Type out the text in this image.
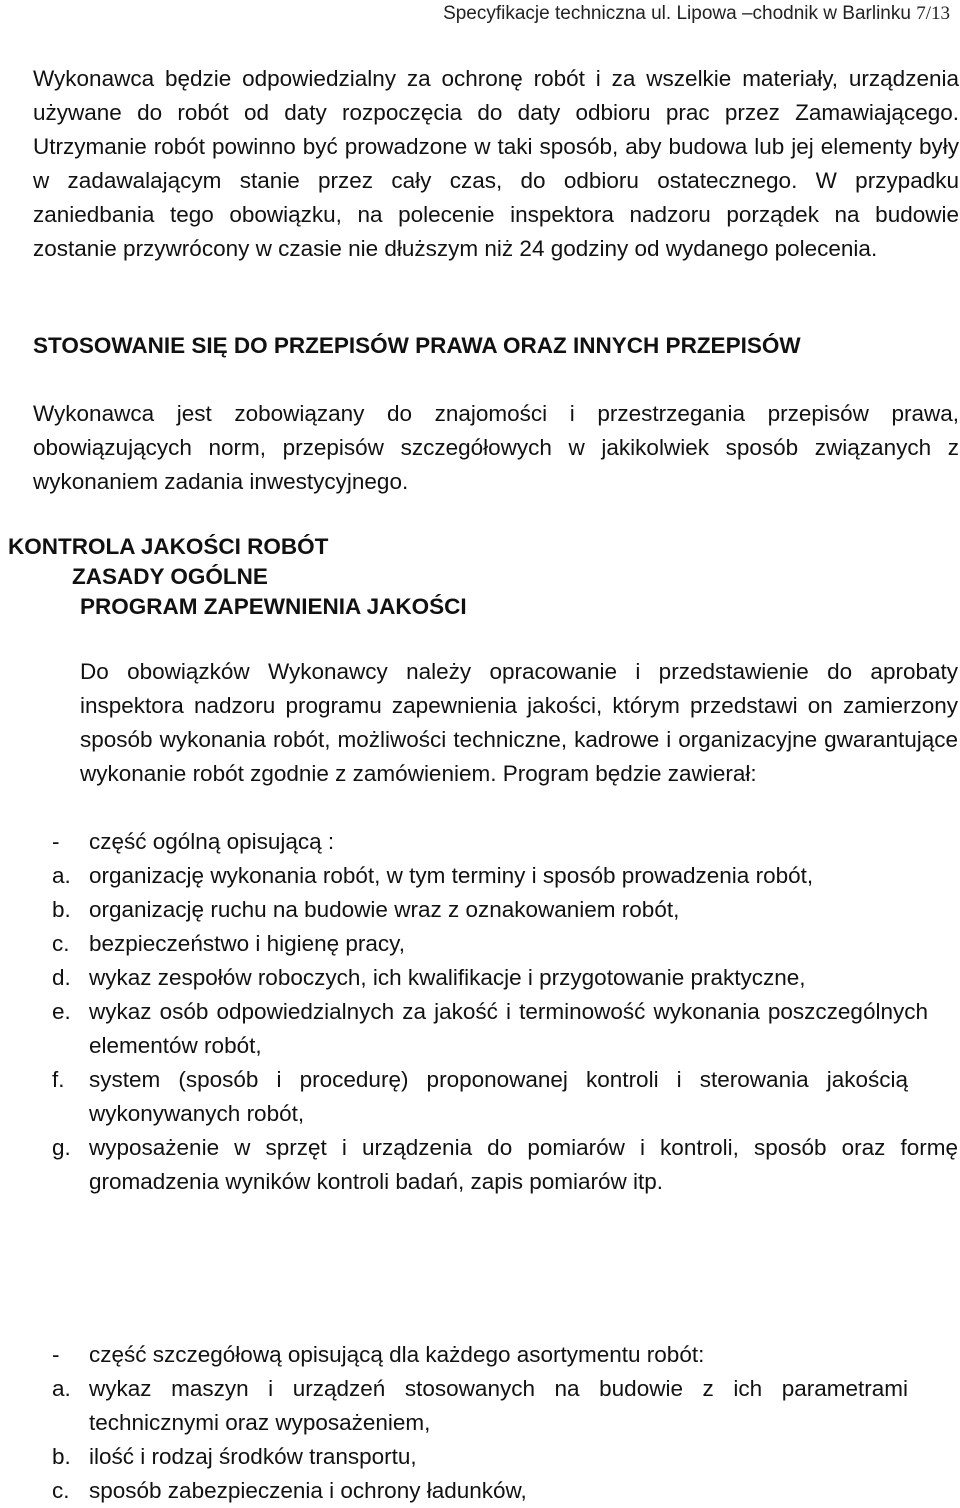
Specyfikacje techniczna ul. Lipowa –chodnik w Barlinku 7/13
Wykonawca będzie odpowiedzialny za ochronę robót i za wszelkie materiały, urządzenia używane do robót od daty rozpoczęcia do daty odbioru prac przez Zamawiającego. Utrzymanie robót powinno być prowadzone w taki sposób, aby budowa lub jej elementy były w zadawalającym stanie przez cały czas, do odbioru ostatecznego. W przypadku zaniedbania tego obowiązku, na polecenie inspektora nadzoru porządek na budowie zostanie przywrócony w czasie nie dłuższym niż 24 godziny od wydanego polecenia.
STOSOWANIE SIĘ DO PRZEPISÓW PRAWA ORAZ INNYCH PRZEPISÓW
Wykonawca jest zobowiązany do znajomości i przestrzegania przepisów prawa, obowiązujących norm, przepisów szczegółowych w jakikolwiek sposób związanych z wykonaniem zadania inwestycyjnego.
KONTROLA JAKOŚCI ROBÓT
ZASADY OGÓLNE
PROGRAM ZAPEWNIENIA JAKOŚCI
Do obowiązków Wykonawcy należy opracowanie i przedstawienie do aprobaty inspektora nadzoru programu zapewnienia jakości, którym przedstawi on zamierzony sposób wykonania robót, możliwości techniczne, kadrowe i organizacyjne gwarantujące wykonanie robót zgodnie z zamówieniem. Program będzie zawierał:
- część ogólną opisującą :
a. organizację wykonania robót, w tym terminy i sposób prowadzenia robót,
b. organizację ruchu na budowie wraz z oznakowaniem robót,
c. bezpieczeństwo i higienę pracy,
d. wykaz zespołów roboczych, ich kwalifikacje i przygotowanie praktyczne,
e. wykaz osób odpowiedzialnych za jakość i terminowość wykonania poszczególnych elementów robót,
f. system (sposób i procedurę) proponowanej kontroli i sterowania jakością wykonywanych robót,
g. wyposażenie w sprzęt i urządzenia do pomiarów i kontroli, sposób oraz formę gromadzenia wyników kontroli badań, zapis pomiarów itp.
- część szczegółową opisującą dla każdego asortymentu robót:
a. wykaz maszyn i urządzeń stosowanych na budowie z ich parametrami technicznymi oraz wyposażeniem,
b. ilość i rodzaj środków transportu,
c. sposób zabezpieczenia i ochrony ładunków,
